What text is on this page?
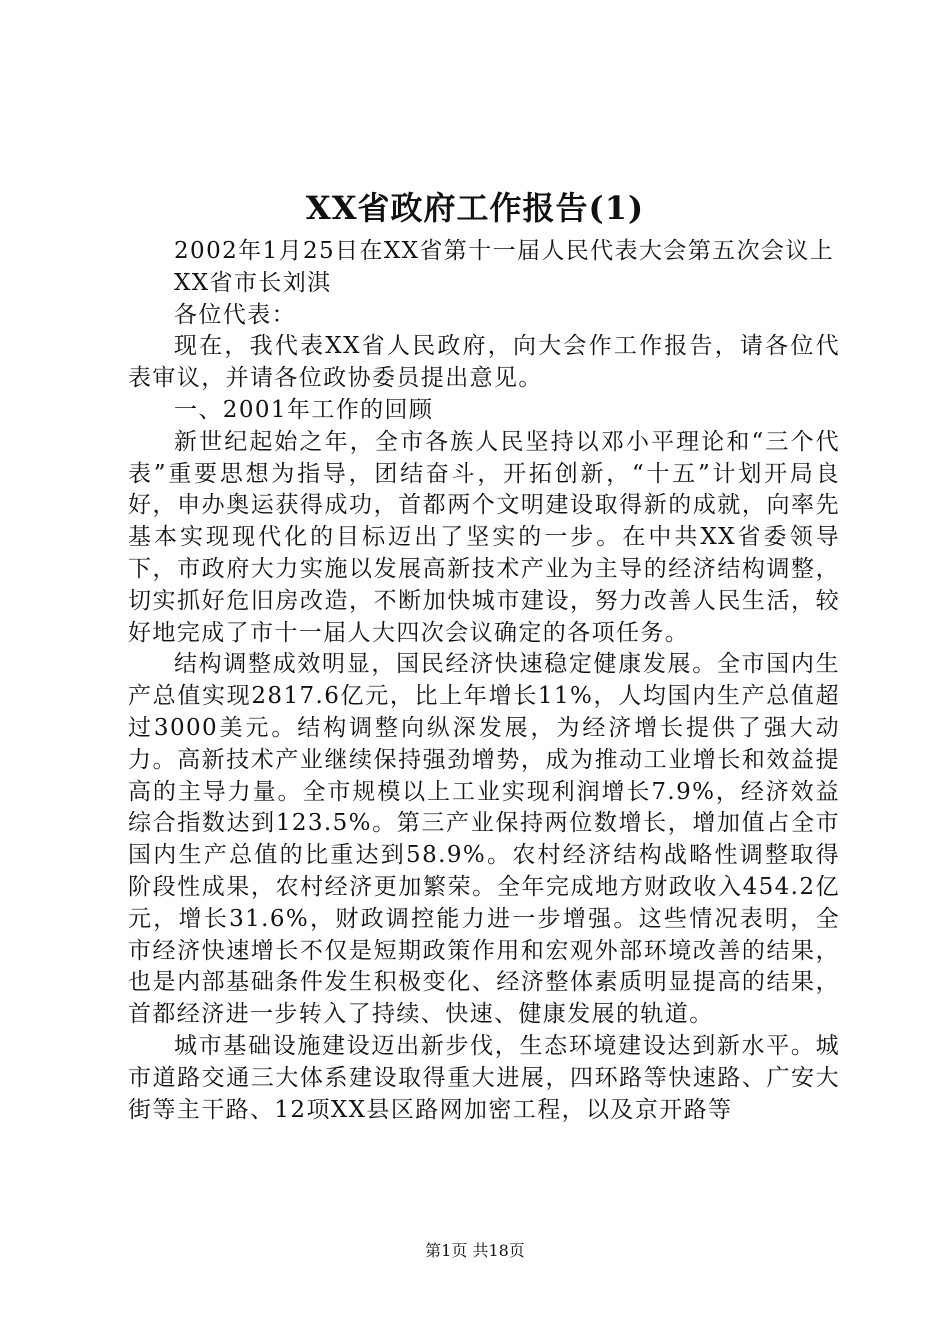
XX省政府工作报告(1)

2002年1月25日在XX省第十一届人民代表大会第五次会议上

XX省市长刘淇

各位代表：

现在，我代表XX省人民政府，向大会作工作报告，请各位代表审议，并请各位政协委员提出意见。

一、2001年工作的回顾

新世纪起始之年，全市各族人民坚持以邓小平理论和“三个代表”重要思想为指导，团结奋斗，开拓创新，“十五”计划开局良好，申办奥运获得成功，首都两个文明建设取得新的成就，向率先基本实现现代化的目标迈出了坚实的一步。在中共XX省委领导下，市政府大力实施以发展高新技术产业为主导的经济结构调整，切实抓好危旧房改造，不断加快城市建设，努力改善人民生活，较好地完成了市十一届人大四次会议确定的各项任务。

结构调整成效明显，国民经济快速稳定健康发展。全市国内生产总值实现2817.6亿元，比上年增长11%，人均国内生产总值超过3000美元。结构调整向纵深发展，为经济增长提供了强大动力。高新技术产业继续保持强劲增势，成为推动工业增长和效益提高的主导力量。全市规模以上工业实现利润增长7.9%，经济效益综合指数达到123.5%。第三产业保持两位数增长，增加值占全市国内生产总值的比重达到58.9%。农村经济结构战略性调整取得阶段性成果，农村经济更加繁荣。全年完成地方财政收入454.2亿元，增长31.6%，财政调控能力进一步增强。这些情况表明，全市经济快速增长不仅是短期政策作用和宏观外部环境改善的结果，也是内部基础条件发生积极变化、经济整体素质明显提高的结果，首都经济进一步转入了持续、快速、健康发展的轨道。

城市基础设施建设迈出新步伐，生态环境建设达到新水平。城市道路交通三大体系建设取得重大进展，四环路等快速路、广安大街等主干路、12项XX县区路网加密工程，以及京开路等

第1页 共18页
